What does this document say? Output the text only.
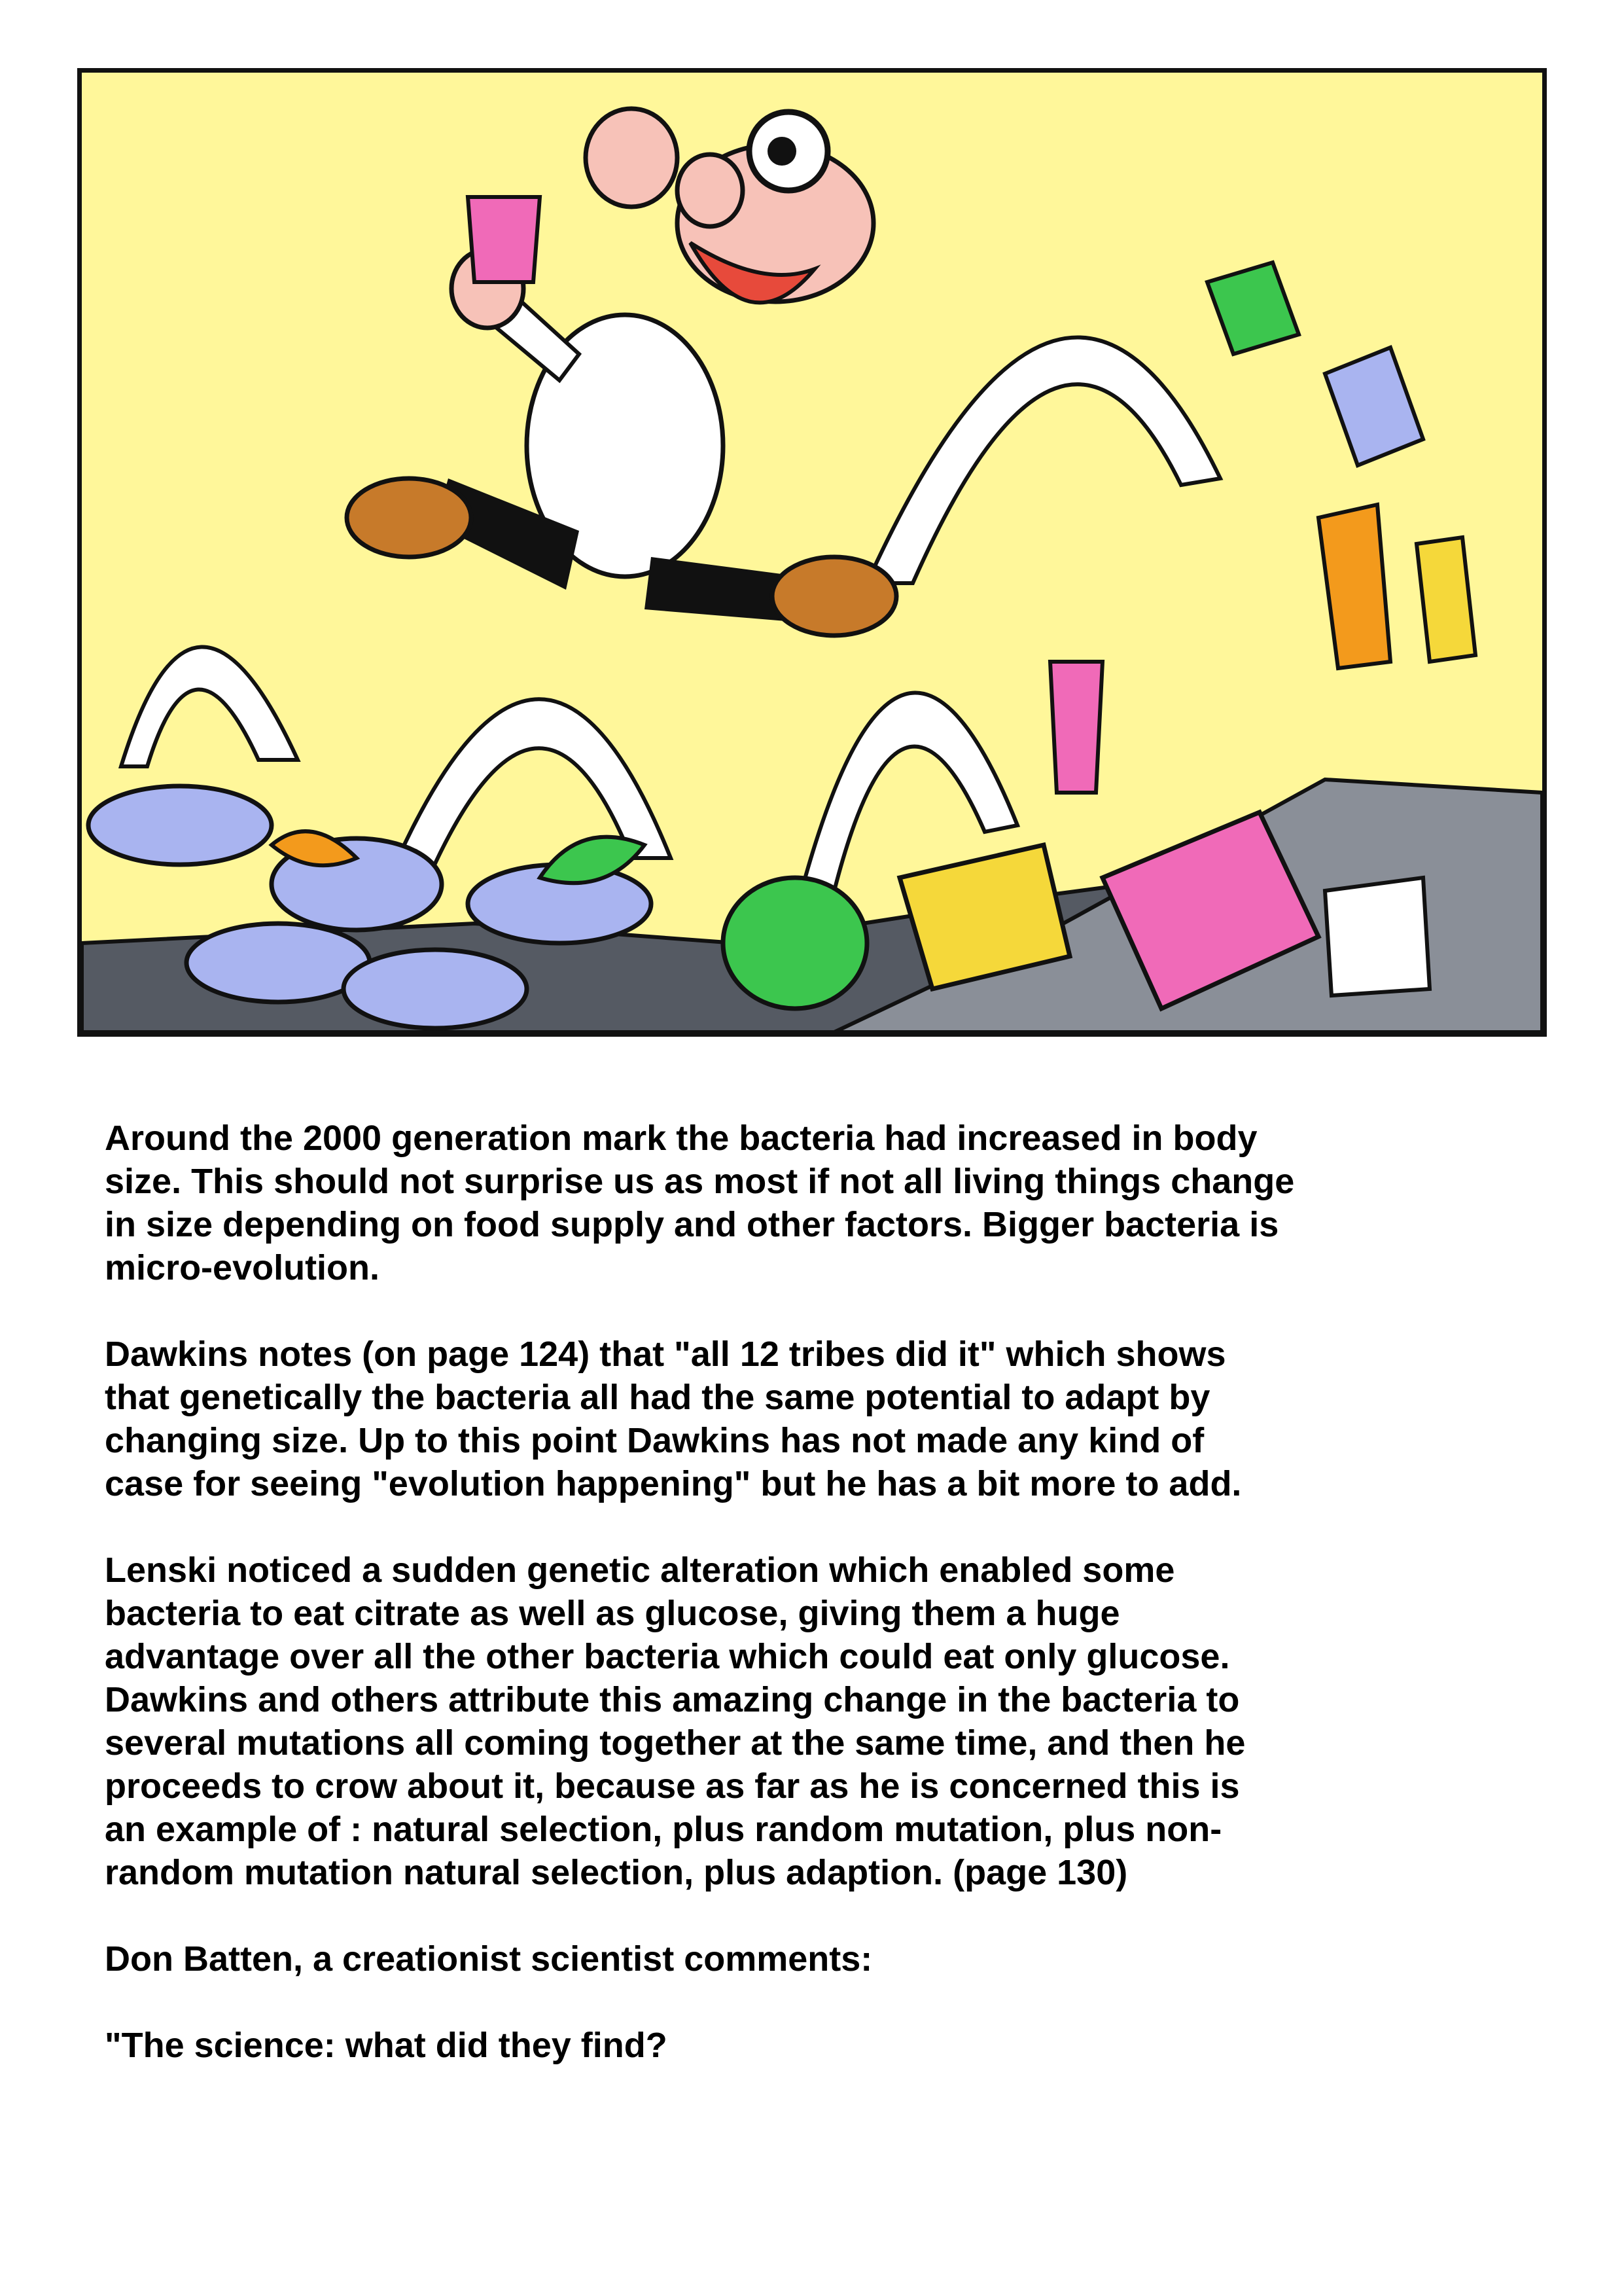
Around the 2000 generation mark the bacteria had increased in body
size. This should not surprise us as most if not all living things change
in size depending on food supply and other factors. Bigger bacteria is
micro-evolution.

Dawkins notes (on page 124) that "all 12 tribes did it" which shows
that genetically the bacteria all had the same potential to adapt by
changing size. Up to this point Dawkins has not made any kind of
case for seeing "evolution happening" but he has a bit more to add.

Lenski noticed a sudden genetic alteration which enabled some
bacteria to eat citrate as well as glucose, giving them a huge
advantage over all the other bacteria which could eat only glucose.
Dawkins and others attribute this amazing change in the bacteria to
several mutations all coming together at the same time, and then he
proceeds to crow about it, because as far as he is concerned this is
an example of : natural selection, plus random mutation, plus non-
random mutation natural selection, plus adaption. (page 130)

Don Batten, a creationist scientist comments:

"The science: what did they find?
